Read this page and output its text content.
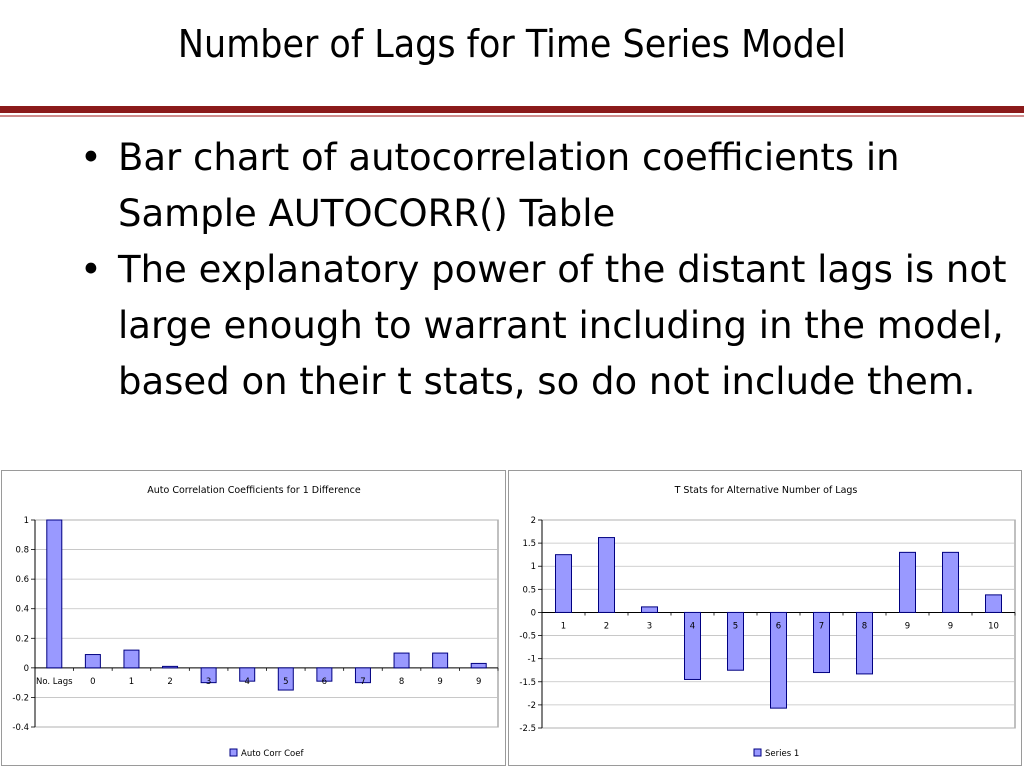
Number of Lags for Time Series Model
• Bar chart of autocorrelation coefficients in Sample AUTOCORR() Table
• The explanatory power of the distant lags is not large enough to warrant including in the model, based on their t stats, so do not include them.
Auto Correlation Coefficients for 1 Difference
1
0.8
0.6
0.4
0.2
0
-0.2
-0.4
No. Lags 0	1	2	3	4	5	6	7	8	9	9
Auto Corr Coef
T Stats for Alternative Number of Lags
2
1.5
1
0.5
0
-0.5
-1
-1.5
-2
-2.5
1	2	3	4	5	6	7	8	9	9	10
Series 1
